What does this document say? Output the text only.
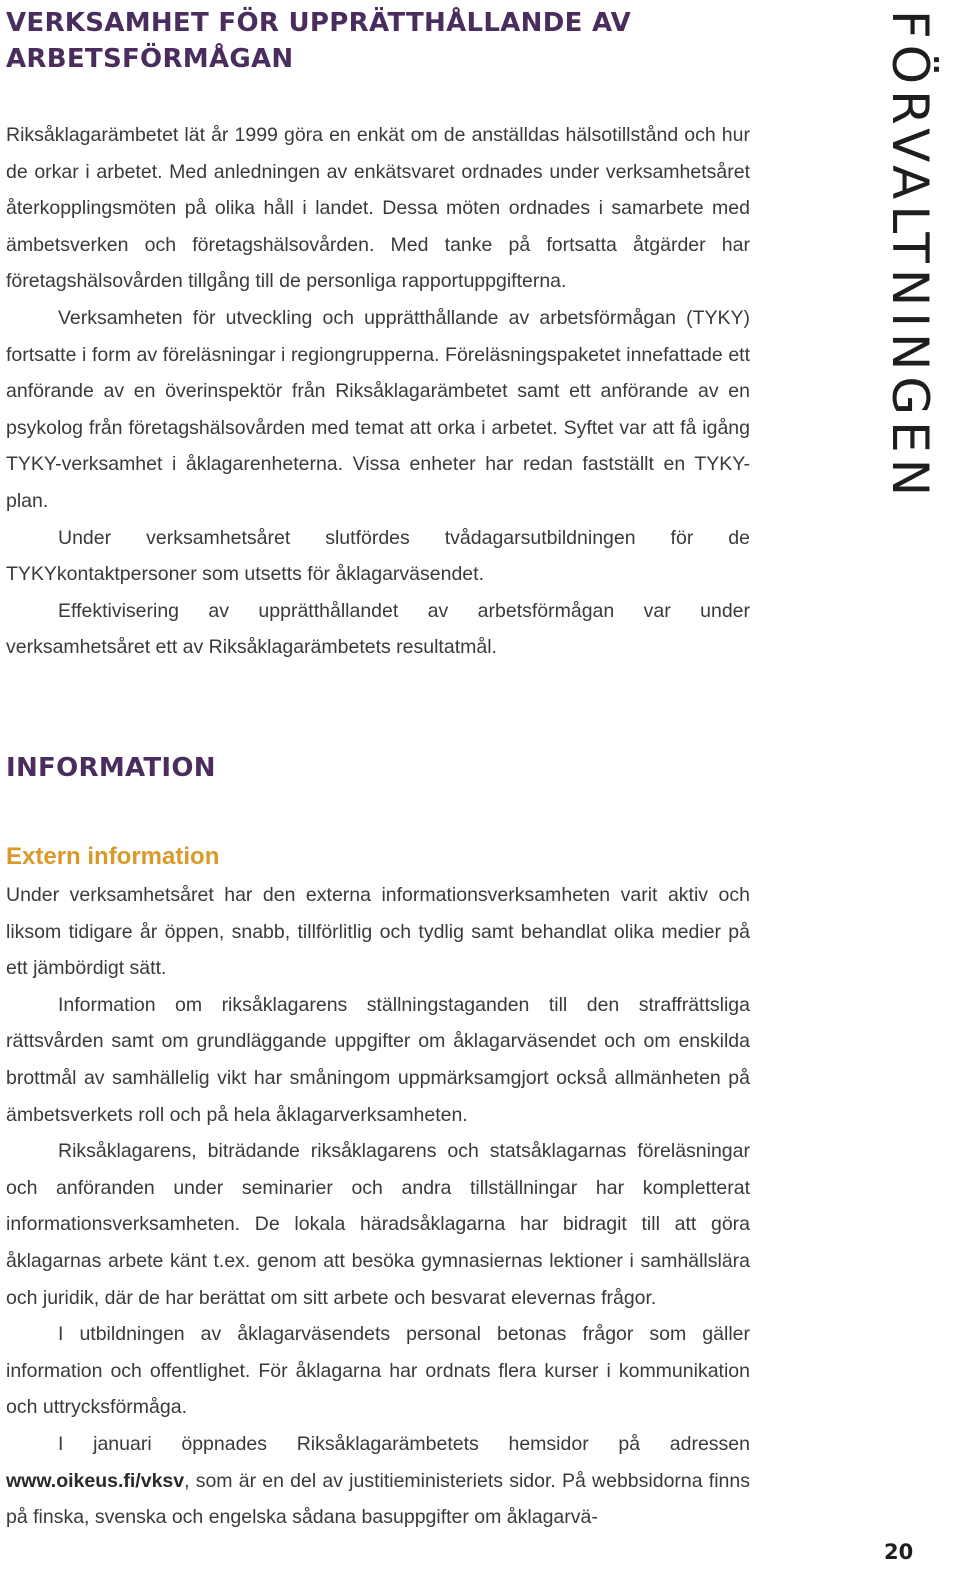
VERKSAMHET FÖR UPPRÄTTHÅLLANDE AV
ARBETSFÖRMÅGAN

Riksåklagarämbetet lät år 1999 göra en enkät om de anställdas hälsotillstånd och hur de orkar i arbetet. Med anledningen av enkätsvaret ordnades under verksamhetsåret återkopplingsmöten på olika håll i landet. Dessa möten ordnades i samarbete med ämbetsverken och företagshälsovården. Med tanke på fortsatta åtgärder har företagshälsovården tillgång till de personliga rapportuppgifterna.

Verksamheten för utveckling och upprätthållande av arbetsförmågan (TYKY) fortsatte i form av föreläsningar i regiongrupperna. Föreläsningspaketet innefattade ett anförande av en överinspektör från Riksåklagarämbetet samt ett anförande av en psykolog från företagshälsovården med temat att orka i arbetet. Syftet var att få igång TYKY-verksamhet i åklagarenheterna. Vissa enheter har redan fastställt en TYKY-plan.

Under verksamhetsåret slutfördes tvådagarsutbildningen för de TYKYkontaktpersoner som utsetts för åklagarväsendet.

Effektivisering av upprätthållandet av arbetsförmågan var under verksamhetsåret ett av Riksåklagarämbetets resultatmål.

INFORMATION
Extern information

Under verksamhetsåret har den externa informationsverksamheten varit aktiv och liksom tidigare år öppen, snabb, tillförlitlig och tydlig samt behandlat olika medier på ett jämbördigt sätt.

Information om riksåklagarens ställningstaganden till den straffrättsliga rättsvården samt om grundläggande uppgifter om åklagarväsendet och om enskilda brottmål av samhällelig vikt har småningom uppmärksamgjort också allmänheten på ämbetsverkets roll och på hela åklagarverksamheten.

Riksåklagarens, biträdande riksåklagarens och statsåklagarnas föreläsningar och anföranden under seminarier och andra tillställningar har kompletterat informationsverksamheten. De lokala häradsåklagarna har bidragit till att göra åklagarnas arbete känt t.ex. genom att besöka gymnasiernas lektioner i samhällslära och juridik, där de har berättat om sitt arbete och besvarat elevernas frågor.

I utbildningen av åklagarväsendets personal betonas frågor som gäller information och offentlighet. För åklagarna har ordnats flera kurser i kommunikation och uttrycksförmåga.

I januari öppnades Riksåklagarämbetets hemsidor på adressen www.oikeus.fi/vksv, som är en del av justitieministeriets sidor. På webbsidorna finns på finska, svenska och engelska sådana basuppgifter om åklagarvä-

FÖRVALTNINGEN
20
